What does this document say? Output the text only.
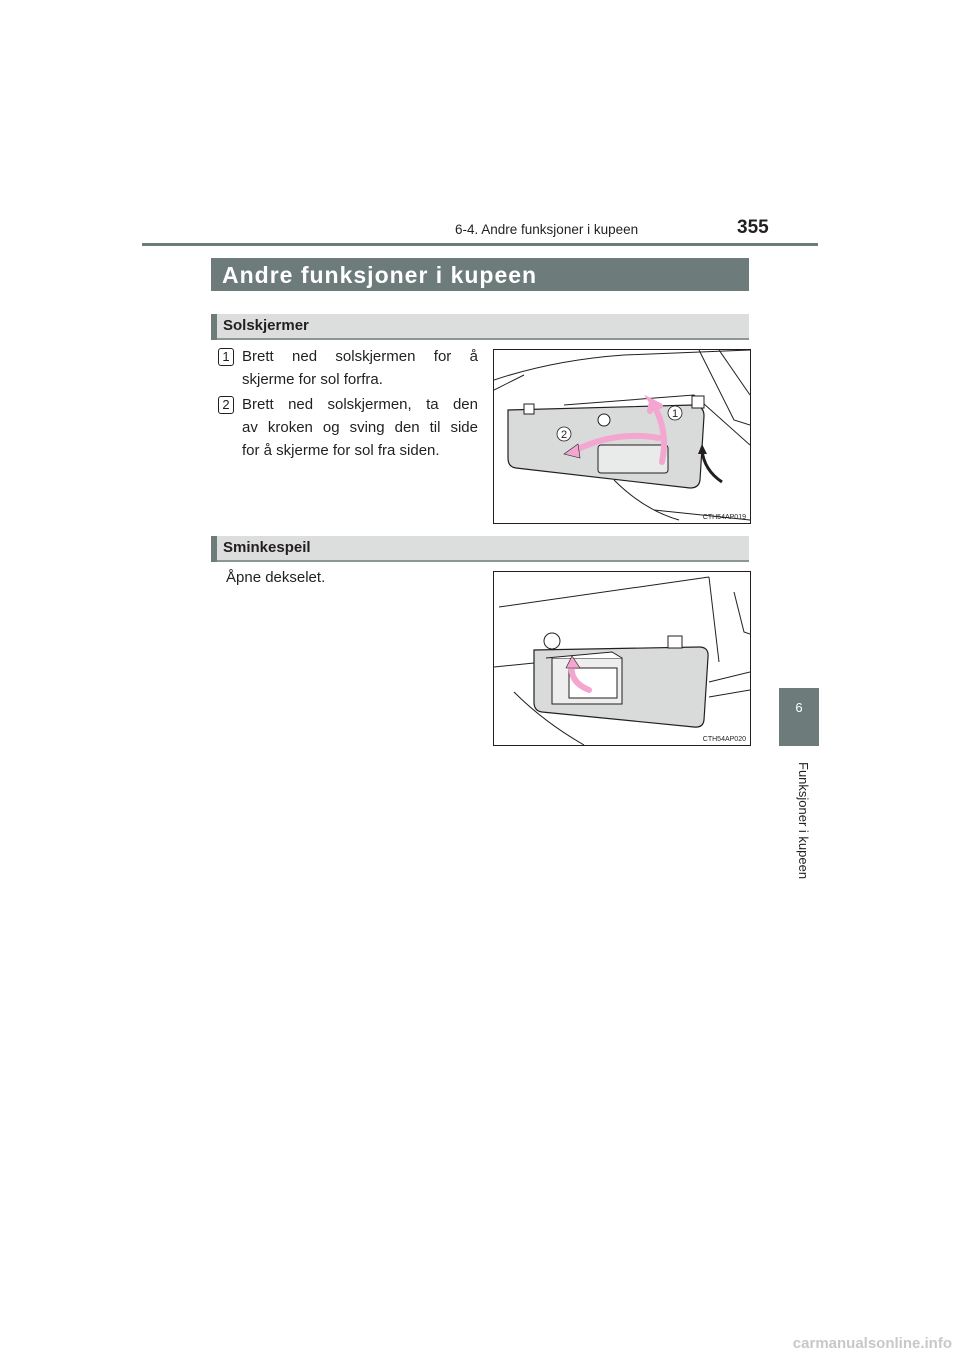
6-4. Andre funksjoner i kupeen	355
6
Funksjoner i kupeen
Andre funksjoner i kupeen
Solskjermer
1 Brett ned solskjermen for å
skjerme for sol forfra.
2 Brett ned solskjermen, ta den
av kroken og sving den til side
for å skjerme for sol fra siden.
1
2
CTH54AP019
Sminkespeil
Åpne dekselet.
CTH54AP020
carmanualsonline.info
